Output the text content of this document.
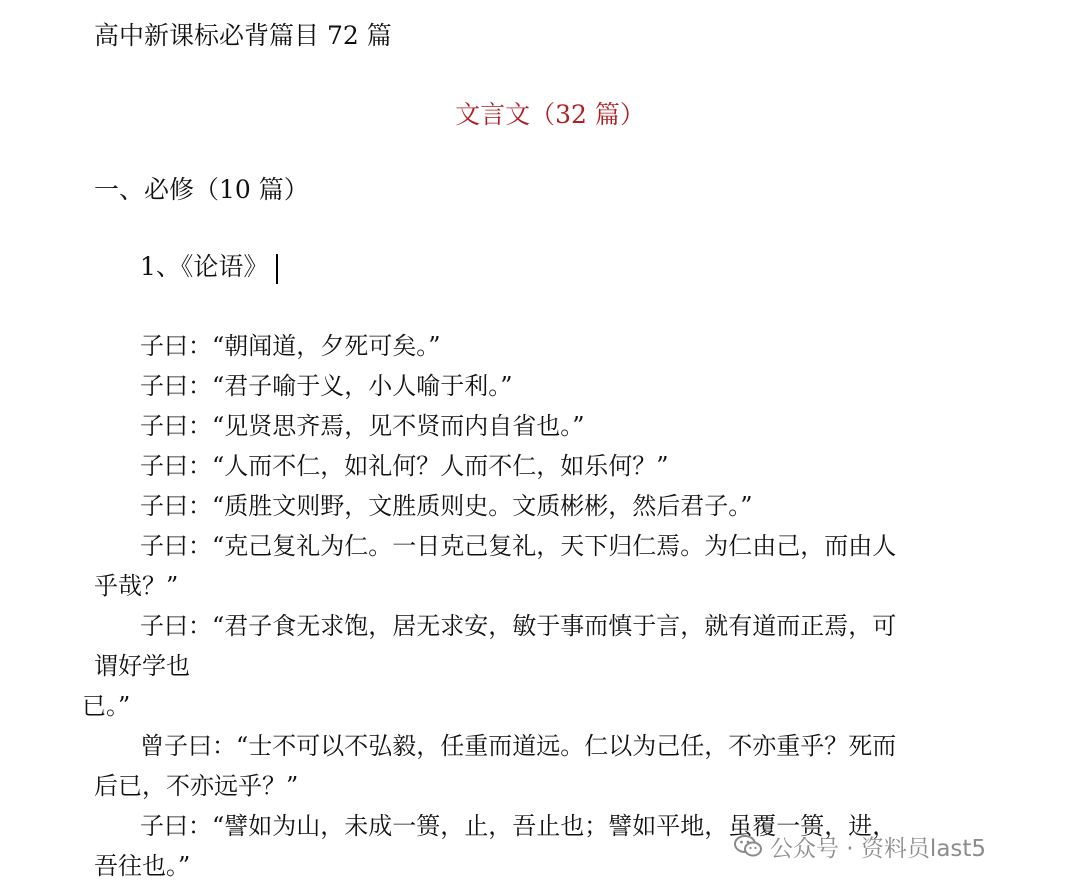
高中新课标必背篇目 72 篇
文言文（32 篇）
一、必修（10 篇）
1、《论语》
子曰：“朝闻道，夕死可矣。”
子曰：“君子喻于义，小人喻于利。”
子曰：“见贤思齐焉，见不贤而内自省也。”
子曰：“人而不仁，如礼何？人而不仁，如乐何？”
子曰：“质胜文则野，文胜质则史。文质彬彬，然后君子。”
子曰：“克己复礼为仁。一日克己复礼，天下归仁焉。为仁由己，而由人
乎哉？”
子曰：“君子食无求饱，居无求安，敏于事而慎于言，就有道而正焉，可
谓好学也
已。”
曾子曰：“士不可以不弘毅，任重而道远。仁以为己任，不亦重乎？死而
后已，不亦远乎？”
子曰：“譬如为山，未成一篑，止，吾止也；譬如平地，虽覆一篑，进，
吾往也。”
公众号 · 资料员last5
